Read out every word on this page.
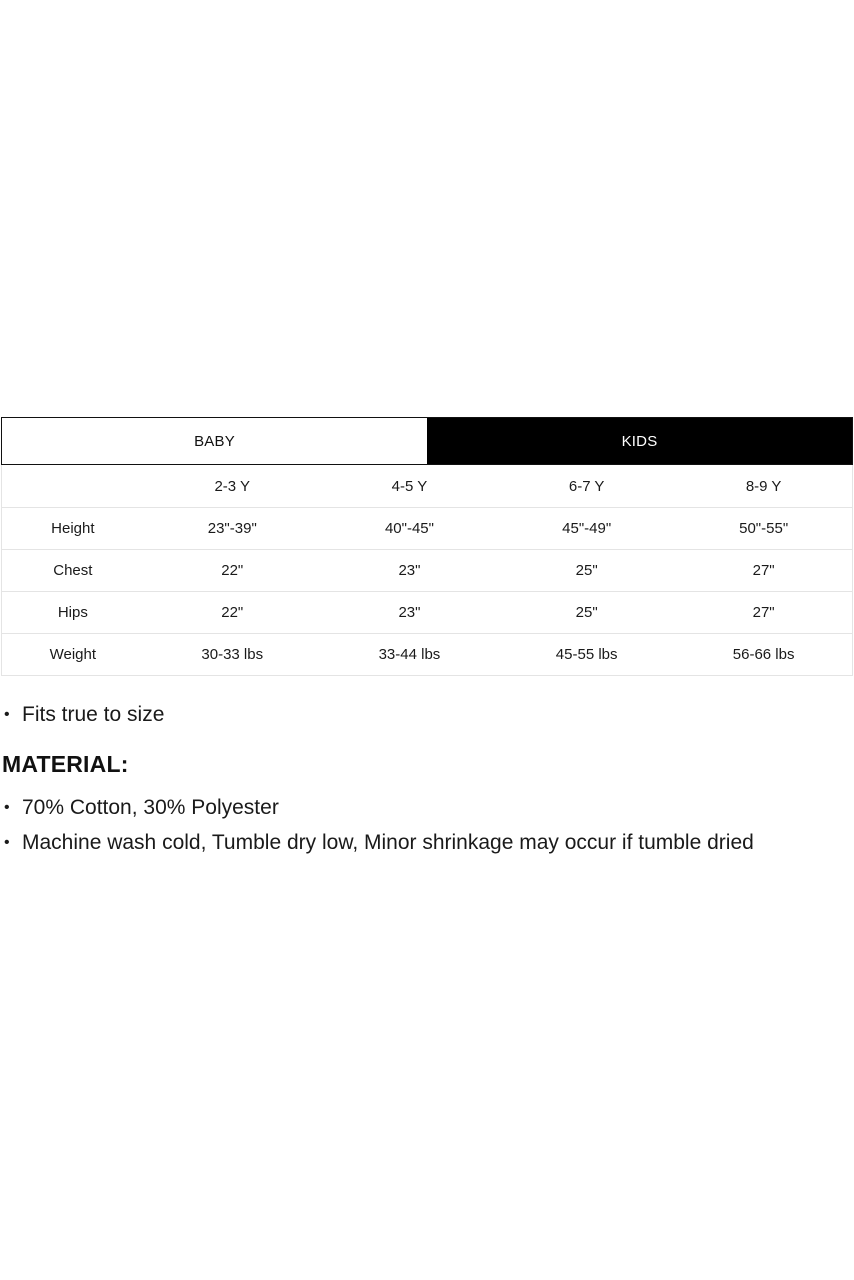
BABY	KIDS
	2-3 Y	4-5 Y	6-7 Y	8-9 Y
Height	23"-39"	40"-45"	45"-49"	50"-55"
Chest	22"	23"	25"	27"
Hips	22"	23"	25"	27"
Weight	30-33 lbs	33-44 lbs	45-55 lbs	56-66 lbs
• Fits true to size
MATERIAL:
• 70% Cotton, 30% Polyester
• Machine wash cold, Tumble dry low, Minor shrinkage may occur if tumble dried
